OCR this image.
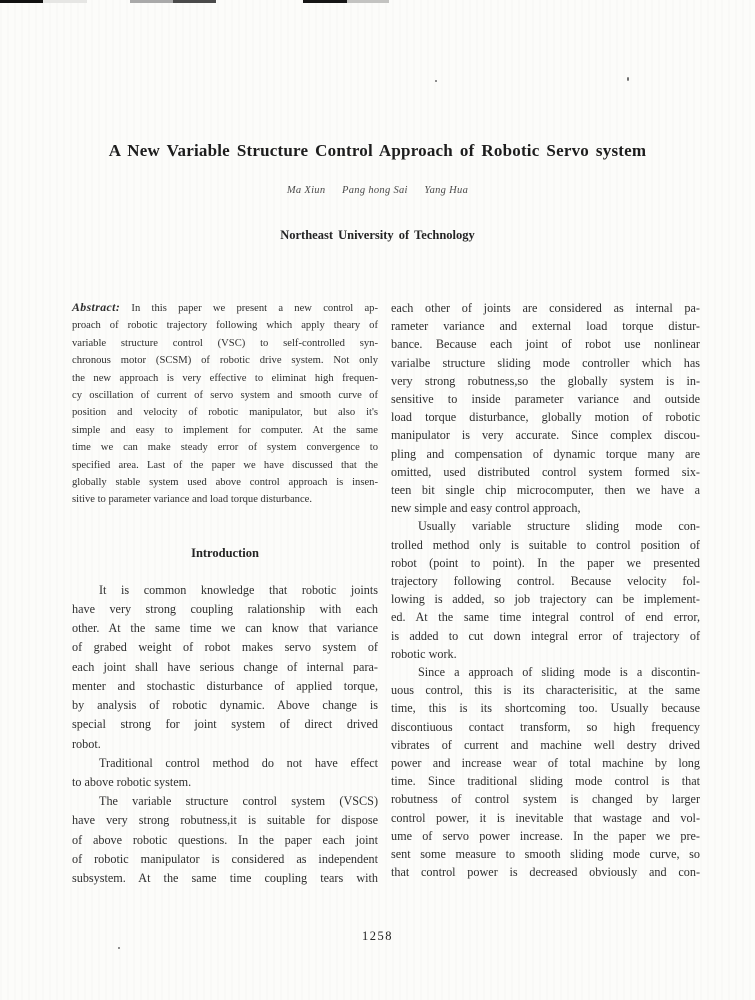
A New Variable Structure Control Approach of Robotic Servo system
Ma Xiun   Pang hong Sai   Yang Hua
Northeast University of Technology
Abstract: In this paper we present a new control ap-
proach of robotic trajectory following which apply theary of
variable structure control (VSC) to self-controlled syn-
chronous motor (SCSM) of robotic drive system. Not only
the new approach is very effective to eliminat high frequen-
cy oscillation of current of servo system and smooth curve of
position and velocity of robotic manipulator, but also it's
simple and easy to implement for computer. At the same
time we can make steady error of system convergence to
specified area. Last of the paper we have discussed that the
globally stable system used above control approach is insen-
sitive to parameter variance and load torque disturbance.
Introduction
It is common knowledge that robotic joints
have very strong coupling ralationship with each
other. At the same time we can know that variance
of grabed weight of robot makes servo system of
each joint shall have serious change of internal para-
menter and stochastic disturbance of applied torque,
by analysis of robotic dynamic. Above change is
special strong for joint system of direct drived
robot.
Traditional control method do not have effect
to above robotic system.
The variable structure control system (VSCS)
have very strong robutness,it is suitable for dispose
of above robotic questions. In the paper each joint
of robotic manipulator is considered as independent
subsystem. At the same time coupling tears with
each other of joints are considered as internal pa-
rameter variance and external load torque distur-
bance. Because each joint of robot use nonlinear
varialbe structure sliding mode controller which has
very strong robutness,so the globally system is in-
sensitive to inside parameter variance and outside
load torque disturbance, globally motion of robotic
manipulator is very accurate. Since complex discou-
pling and compensation of dynamic torque many are
omitted, used distributed control system formed six-
teen bit single chip microcomputer, then we have a
new simple and easy control approach,
Usually variable structure sliding mode con-
trolled method only is suitable to control position of
robot (point to point). In the paper we presented
trajectory following control. Because velocity fol-
lowing is added, so job trajectory can be implement-
ed. At the same time integral control of end error,
is added to cut down integral error of trajectory of
robotic work.
Since a approach of sliding mode is a discontin-
uous control, this is its characterisitic, at the same
time, this is its shortcoming too. Usually because
discontiuous contact transform, so high frequency
vibrates of current and machine well destry drived
power and increase wear of total machine by long
time. Since traditional sliding mode control is that
robutness of control system is changed by larger
control power, it is inevitable that wastage and vol-
ume of servo power increase. In the paper we pre-
sent some measure to smooth sliding mode curve, so
that control power is decreased obviously and con-
1258
